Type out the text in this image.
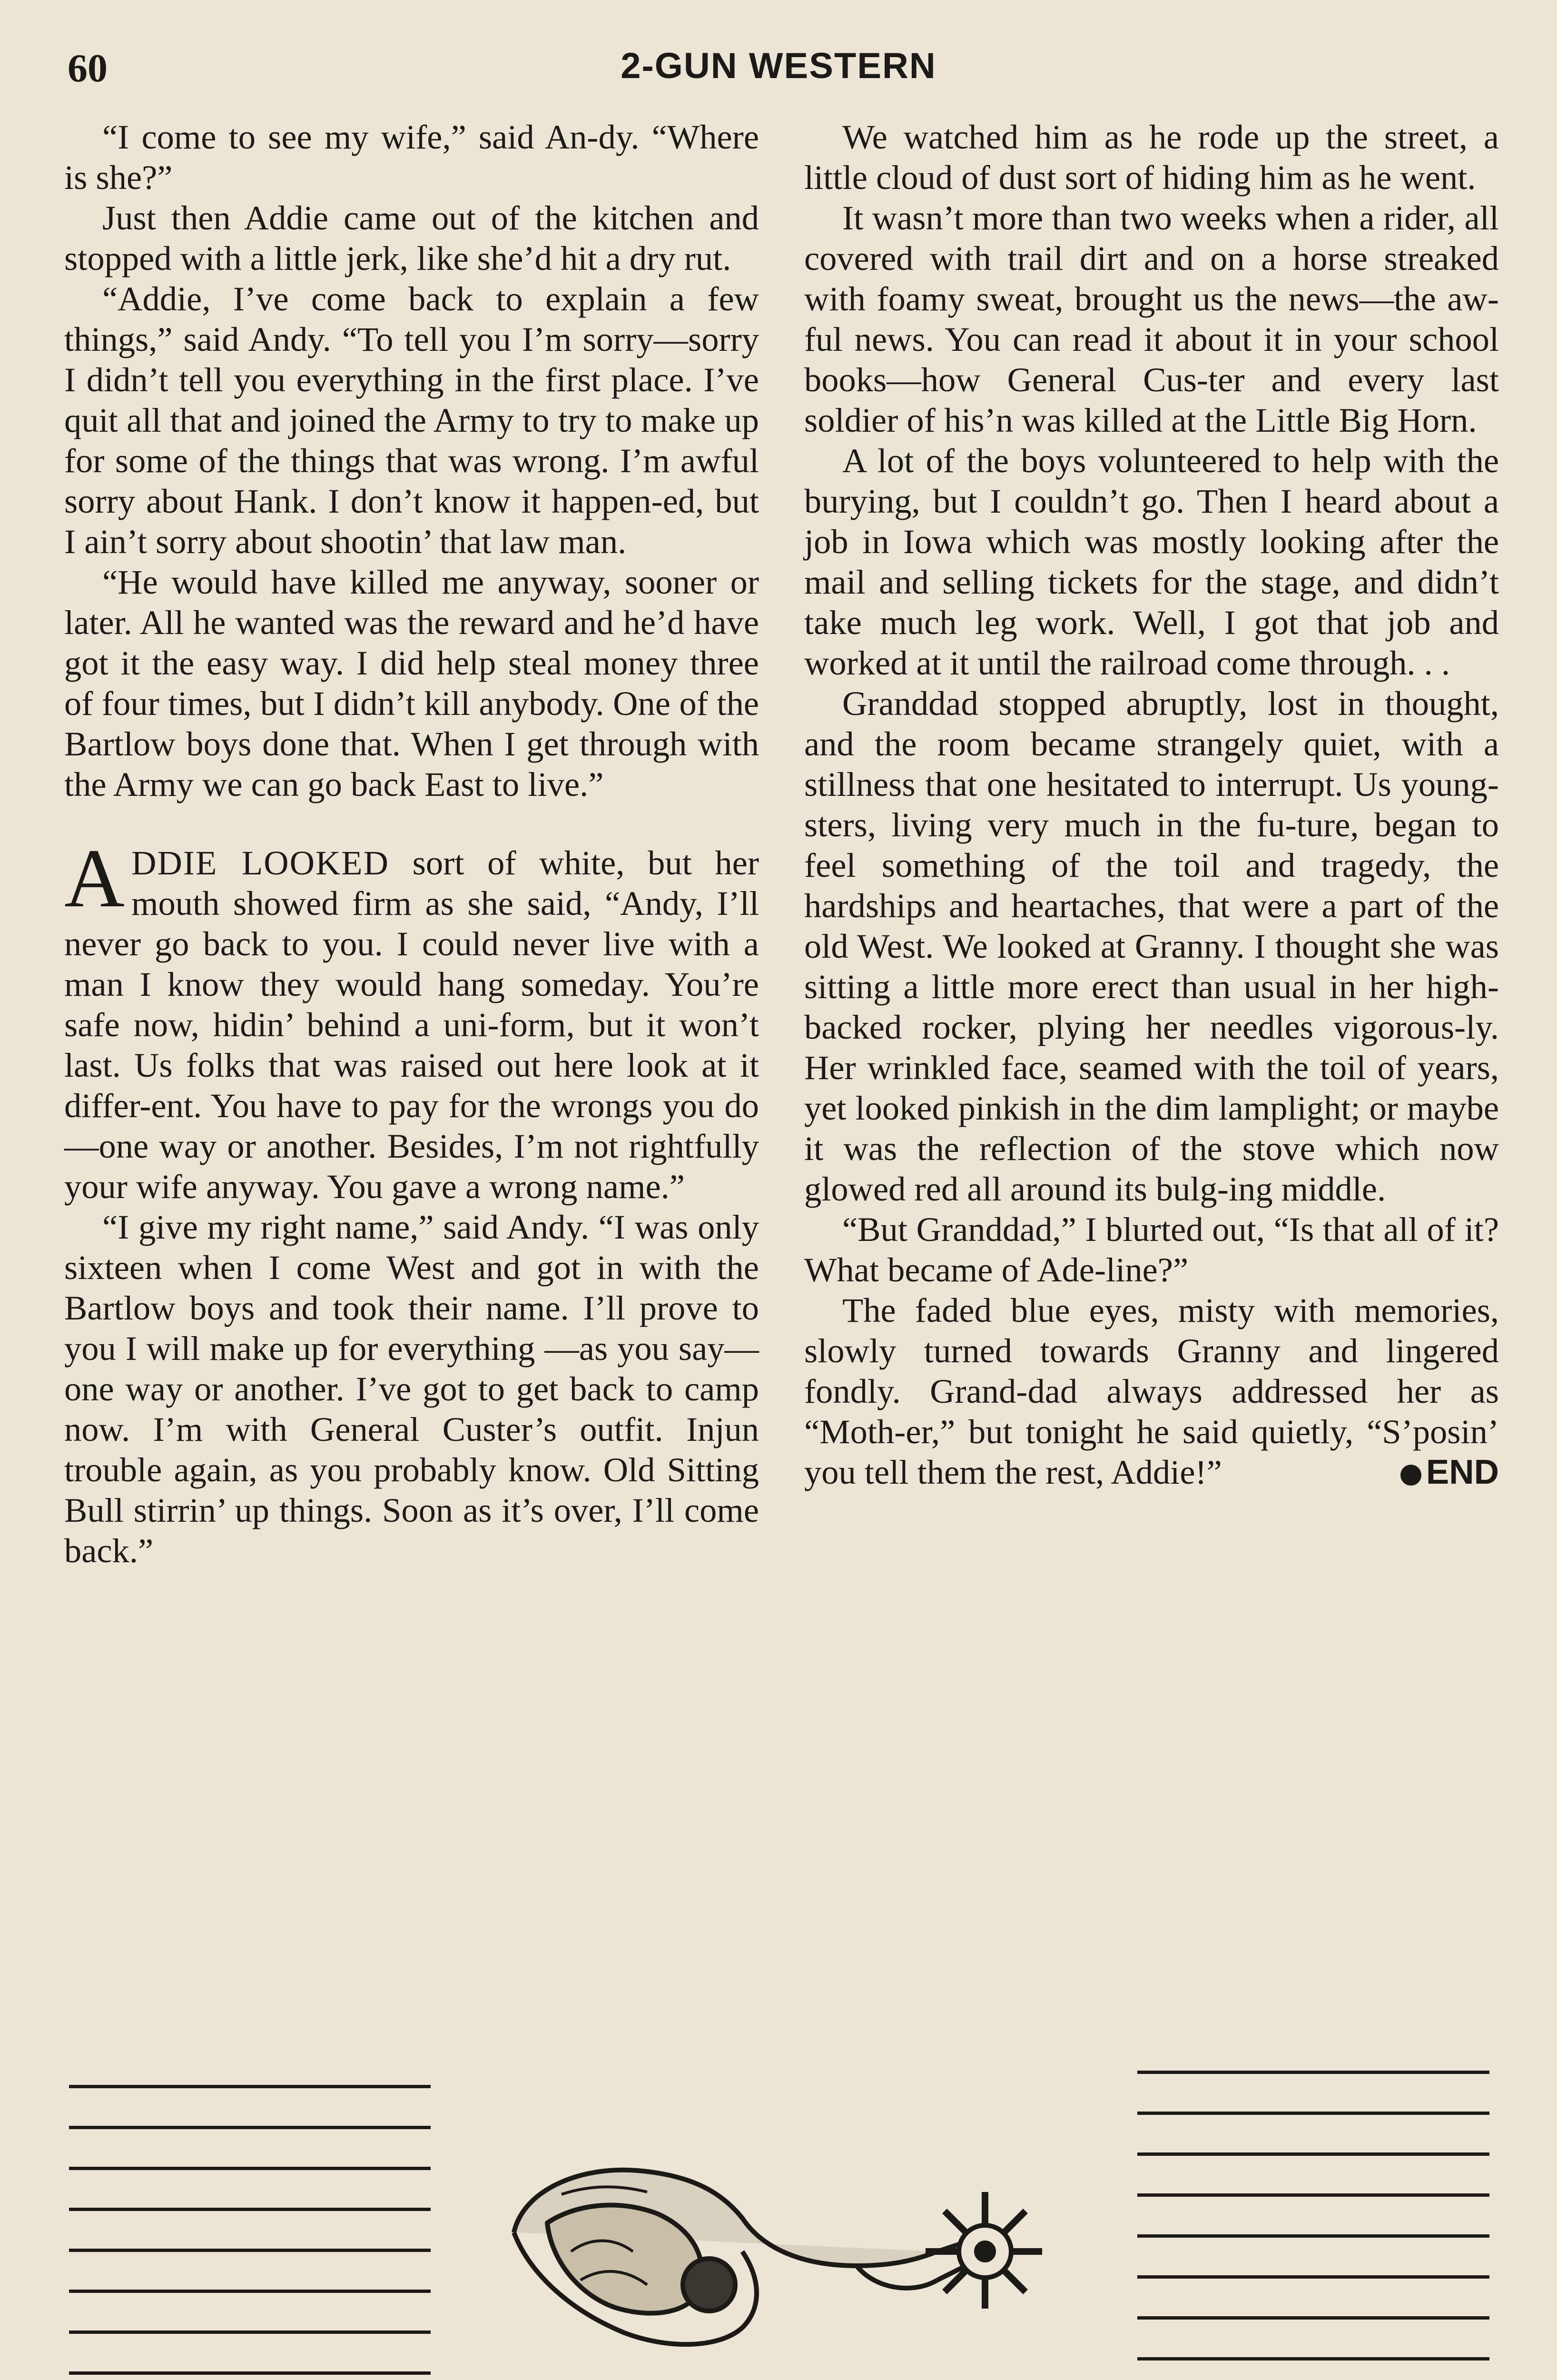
60	2-GUN WESTERN

“I come to see my wife,” said An-dy. “Where is she?”

Just then Addie came out of the kitchen and stopped with a little jerk, like she’d hit a dry rut.

“Addie, I’ve come back to explain a few things,” said Andy. “To tell you I’m sorry—sorry I didn’t tell you everything in the first place. I’ve quit all that and joined the Army to try to make up for some of the things that was wrong. I’m awful sorry about Hank. I don’t know it happen-ed, but I ain’t sorry about shootin’ that law man.

“He would have killed me anyway, sooner or later. All he wanted was the reward and he’d have got it the easy way. I did help steal money three of four times, but I didn’t kill anybody. One of the Bartlow boys done that. When I get through with the Army we can go back East to live.”

ADDIE LOOKED sort of white, but her mouth showed firm as she said, “Andy, I’ll never go back to you. I could never live with a man I know they would hang someday. You’re safe now, hidin’ behind a uni-form, but it won’t last. Us folks that was raised out here look at it differ-ent. You have to pay for the wrongs you do—one way or another. Besides, I’m not rightfully your wife anyway. You gave a wrong name.”

“I give my right name,” said Andy. “I was only sixteen when I come West and got in with the Bartlow boys and took their name. I’ll prove to you I will make up for everything —as you say—one way or another. I’ve got to get back to camp now. I’m with General Custer’s outfit. Injun trouble again, as you probably know. Old Sitting Bull stirrin’ up things. Soon as it’s over, I’ll come back.”

We watched him as he rode up the street, a little cloud of dust sort of hiding him as he went.

It wasn’t more than two weeks when a rider, all covered with trail dirt and on a horse streaked with foamy sweat, brought us the news—the aw-ful news. You can read it about it in your school books—how General Cus-ter and every last soldier of his’n was killed at the Little Big Horn.

A lot of the boys volunteered to help with the burying, but I couldn’t go. Then I heard about a job in Iowa which was mostly looking after the mail and selling tickets for the stage, and didn’t take much leg work. Well, I got that job and worked at it until the railroad come through. . .

Granddad stopped abruptly, lost in thought, and the room became strangely quiet, with a stillness that one hesitated to interrupt. Us young-sters, living very much in the fu-ture, began to feel something of the toil and tragedy, the hardships and heartaches, that were a part of the old West. We looked at Granny. I thought she was sitting a little more erect than usual in her high-backed rocker, plying her needles vigorous-ly. Her wrinkled face, seamed with the toil of years, yet looked pinkish in the dim lamplight; or maybe it was the reflection of the stove which now glowed red all around its bulg-ing middle.

“But Granddad,” I blurted out, “Is that all of it? What became of Ade-line?”

The faded blue eyes, misty with memories, slowly turned towards Granny and lingered fondly. Grand-dad always addressed her as “Moth-er,” but tonight he said quietly, “S’posin’ you tell them the rest, Addie!”	END
